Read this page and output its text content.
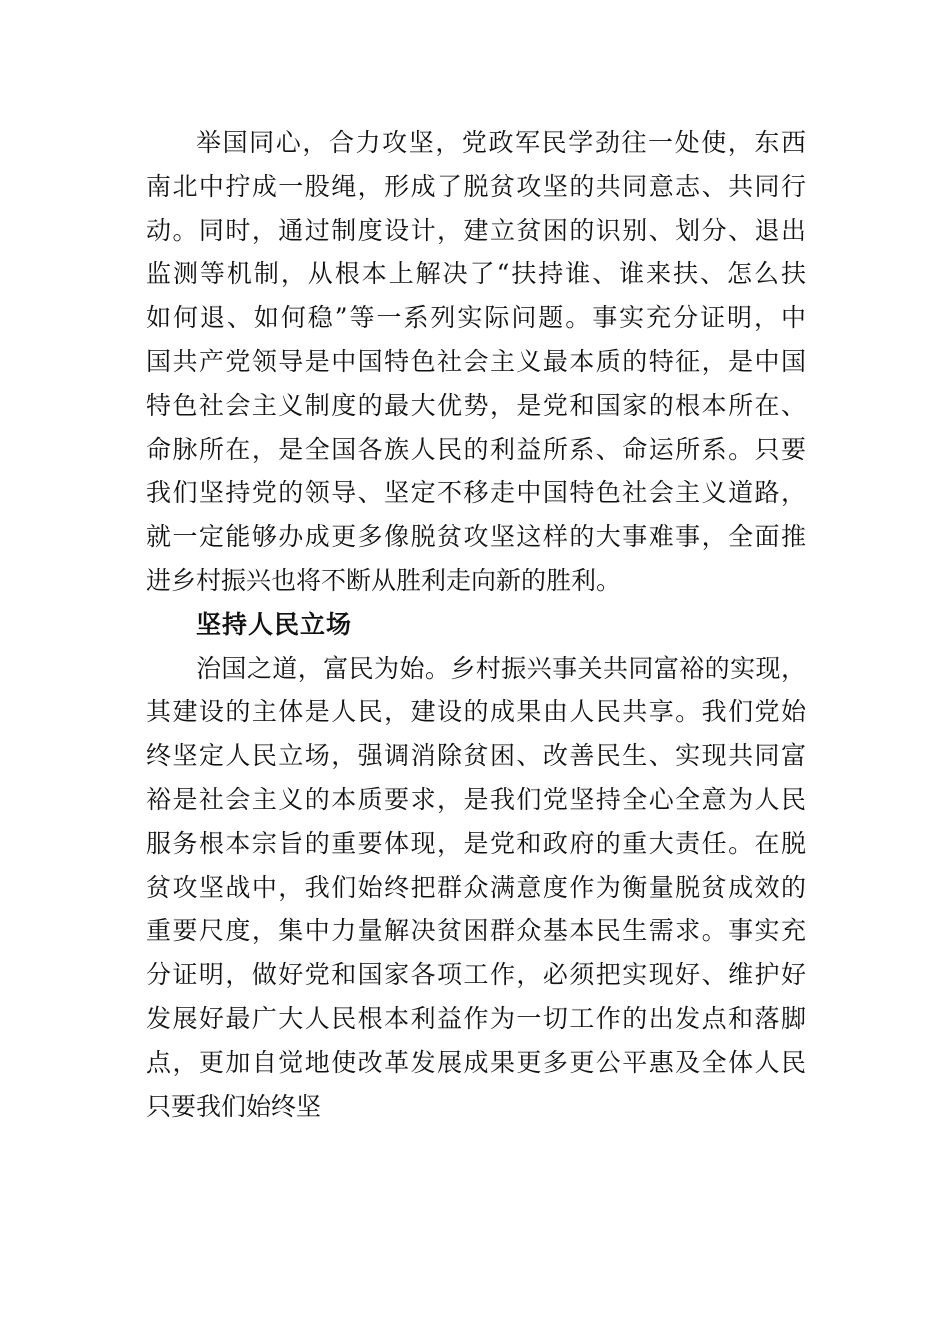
举国同心，合力攻坚，党政军民学劲往一处使，东西
南北中拧成一股绳，形成了脱贫攻坚的共同意志、共同行
动。同时，通过制度设计，建立贫困的识别、划分、退出
监测等机制，从根本上解决了“扶持谁、谁来扶、怎么扶
如何退、如何稳”等一系列实际问题。事实充分证明，中
国共产党领导是中国特色社会主义最本质的特征，是中国
特色社会主义制度的最大优势，是党和国家的根本所在、
命脉所在，是全国各族人民的利益所系、命运所系。只要
我们坚持党的领导、坚定不移走中国特色社会主义道路，
就一定能够办成更多像脱贫攻坚这样的大事难事，全面推
进乡村振兴也将不断从胜利走向新的胜利。
坚持人民立场
治国之道，富民为始。乡村振兴事关共同富裕的实现，
其建设的主体是人民，建设的成果由人民共享。我们党始
终坚定人民立场，强调消除贫困、改善民生、实现共同富
裕是社会主义的本质要求，是我们党坚持全心全意为人民
服务根本宗旨的重要体现，是党和政府的重大责任。在脱
贫攻坚战中，我们始终把群众满意度作为衡量脱贫成效的
重要尺度，集中力量解决贫困群众基本民生需求。事实充
分证明，做好党和国家各项工作，必须把实现好、维护好
发展好最广大人民根本利益作为一切工作的出发点和落脚
点，更加自觉地使改革发展成果更多更公平惠及全体人民
只要我们始终坚
